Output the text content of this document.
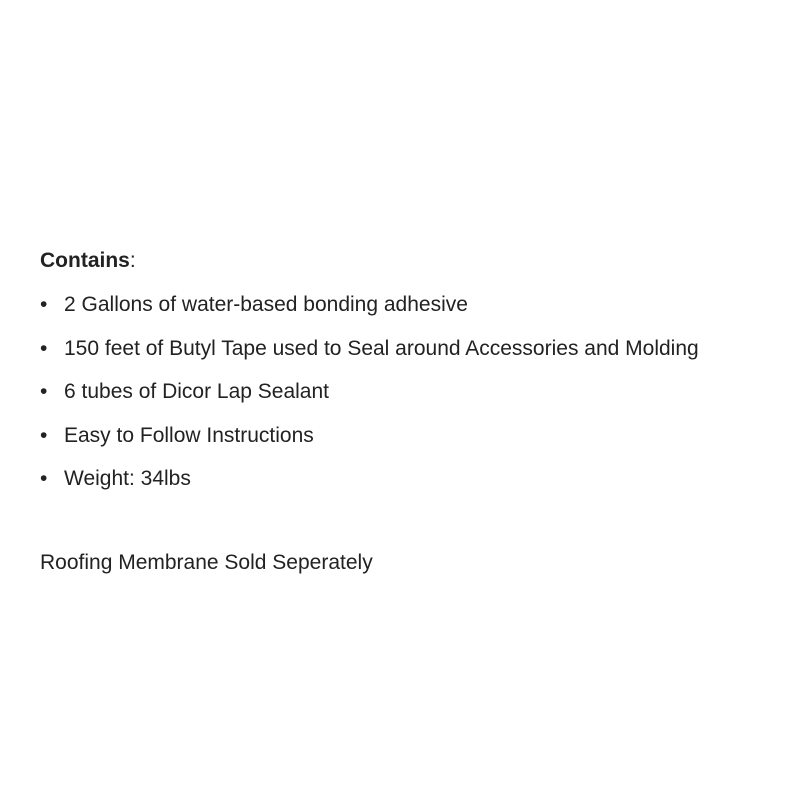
Contains:

• 2 Gallons of water-based bonding adhesive
• 150 feet of Butyl Tape used to Seal around Accessories and Molding
• 6 tubes of Dicor Lap Sealant
• Easy to Follow Instructions
• Weight: 34lbs

Roofing Membrane Sold Seperately
